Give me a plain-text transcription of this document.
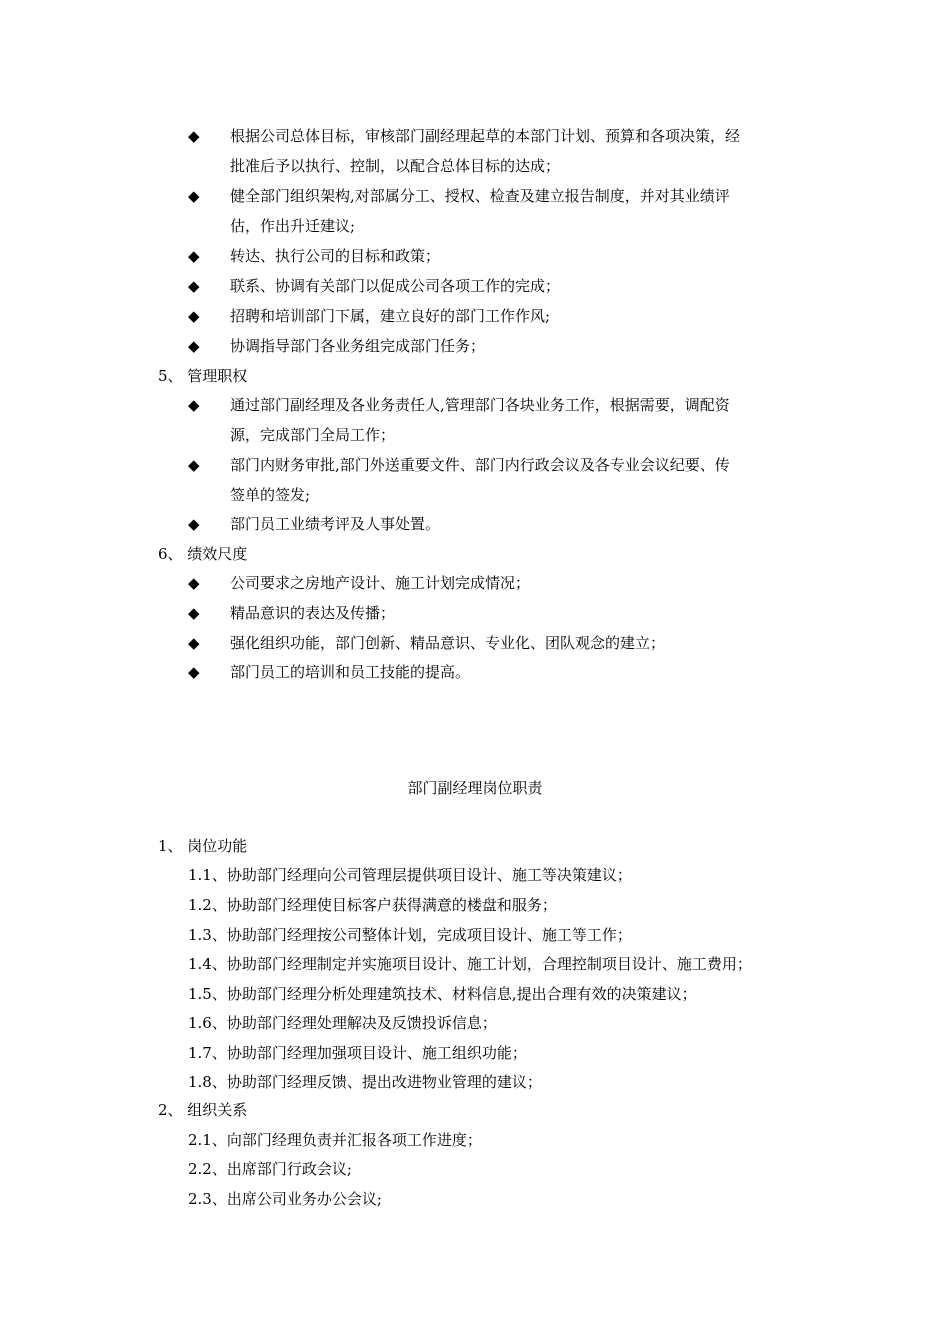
◆ 根据公司总体目标，审核部门副经理起草的本部门计划、预算和各项决策，经
批准后予以执行、控制，以配合总体目标的达成；
◆ 健全部门组织架构,对部属分工、授权、检查及建立报告制度，并对其业绩评
估，作出升迁建议;
◆ 转达、执行公司的目标和政策；
◆ 联系、协调有关部门以促成公司各项工作的完成；
◆ 招聘和培训部门下属，建立良好的部门工作作风;
◆ 协调指导部门各业务组完成部门任务；
5、 管理职权
◆ 通过部门副经理及各业务责任人,管理部门各块业务工作，根据需要，调配资
源，完成部门全局工作；
◆ 部门内财务审批,部门外送重要文件、部门内行政会议及各专业会议纪要、传
签单的签发;
◆ 部门员工业绩考评及人事处置。
6、 绩效尺度
◆ 公司要求之房地产设计、施工计划完成情况；
◆ 精品意识的表达及传播；
◆ 强化组织功能，部门创新、精品意识、专业化、团队观念的建立；
◆ 部门员工的培训和员工技能的提高。
部门副经理岗位职责
1、 岗位功能
1.1、协助部门经理向公司管理层提供项目设计、施工等决策建议；
1.2、协助部门经理使目标客户获得满意的楼盘和服务；
1.3、协助部门经理按公司整体计划，完成项目设计、施工等工作；
1.4、协助部门经理制定并实施项目设计、施工计划，合理控制项目设计、施工费用；
1.5、协助部门经理分析处理建筑技术、材料信息,提出合理有效的决策建议；
1.6、协助部门经理处理解决及反馈投诉信息；
1.7、协助部门经理加强项目设计、施工组织功能；
1.8、协助部门经理反馈、提出改进物业管理的建议；
2、 组织关系
2.1、向部门经理负责并汇报各项工作进度；
2.2、出席部门行政会议;
2.3、出席公司业务办公会议;
